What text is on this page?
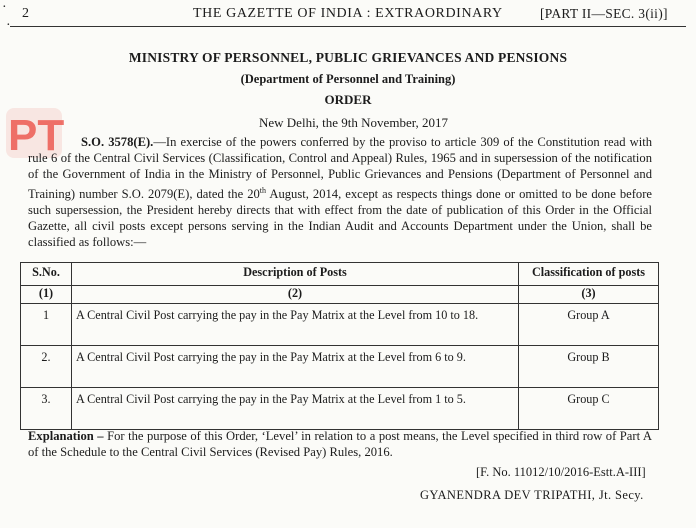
·
·
2	THE GAZETTE OF INDIA : EXTRAORDINARY	[PART II—SEC. 3(ii)]
PT
MINISTRY OF PERSONNEL, PUBLIC GRIEVANCES AND PENSIONS
(Department of Personnel and Training)
ORDER
New Delhi, the 9th November, 2017

S.O. 3578(E).—In exercise of the powers conferred by the proviso to article 309 of the Constitution read with rule 6 of the Central Civil Services (Classification, Control and Appeal) Rules, 1965 and in supersession of the notification of the Government of India in the Ministry of Personnel, Public Grievances and Pensions (Department of Personnel and Training) number S.O. 2079(E), dated the 20th August, 2014, except as respects things done or omitted to be done before such supersession, the President hereby directs that with effect from the date of publication of this Order in the Official Gazette, all civil posts except persons serving in the Indian Audit and Accounts Department under the Union, shall be classified as follows:—

S.No.	Description of Posts	Classification of posts
(1)	(2)	(3)
1	A Central Civil Post carrying the pay in the Pay Matrix at the Level from 10 to 18.	Group A
2.	A Central Civil Post carrying the pay in the Pay Matrix at the Level from 6 to 9.	Group B
3.	A Central Civil Post carrying the pay in the Pay Matrix at the Level from 1 to 5.	Group C
Explanation – For the purpose of this Order, ‘Level’ in relation to a post means, the Level specified in third row of Part A of the Schedule to the Central Civil Services (Revised Pay) Rules, 2016.
[F. No. 11012/10/2016-Estt.A-III]
GYANENDRA DEV TRIPATHI, Jt. Secy.
